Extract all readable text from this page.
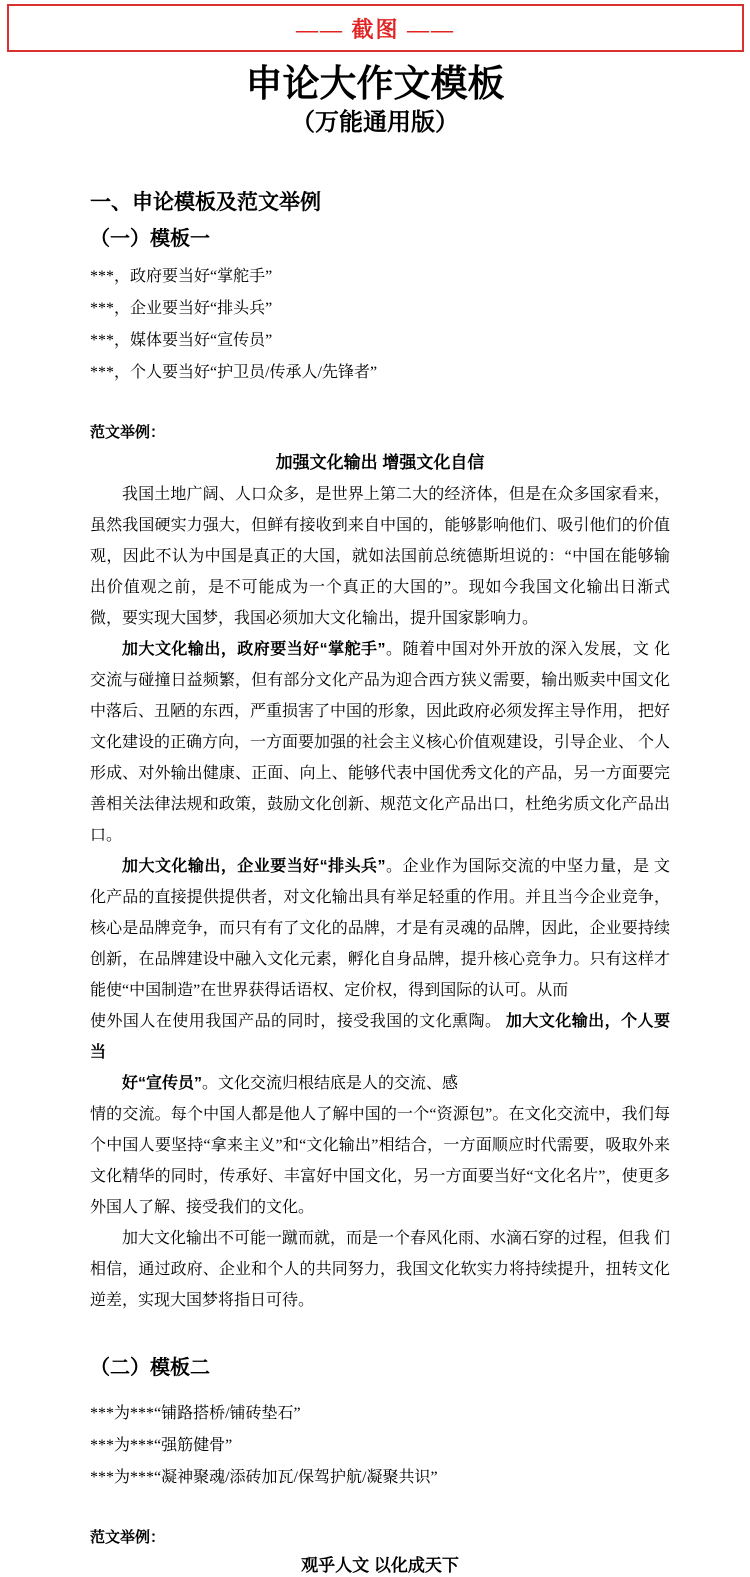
—— 截图 ——
申论大作文模板
（万能通用版）
一、申论模板及范文举例
（一）模板一
***，政府要当好“掌舵手”
***，企业要当好“排头兵”
***，媒体要当好“宣传员”
***，个人要当好“护卫员/传承人/先锋者”
范文举例：
加强文化输出 增强文化自信

我国土地广阔、人口众多，是世界上第二大的经济体，但是在众多国家看来， 虽然我国硬实力强大，但鲜有接收到来自中国的，能够影响他们、吸引他们的价值观，因此不认为中国是真正的大国，就如法国前总统德斯坦说的：“中国在能够输出价值观之前，是不可能成为一个真正的大国的”。现如今我国文化输出日渐式微，要实现大国梦，我国必须加大文化输出，提升国家影响力。

加大文化输出，政府要当好“掌舵手”。随着中国对外开放的深入发展，文 化交流与碰撞日益频繁，但有部分文化产品为迎合西方狭义需要，输出贩卖中国文化中落后、丑陋的东西，严重损害了中国的形象，因此政府必须发挥主导作用， 把好文化建设的正确方向，一方面要加强的社会主义核心价值观建设，引导企业、 个人形成、对外输出健康、正面、向上、能够代表中国优秀文化的产品，另一方面要完善相关法律法规和政策，鼓励文化创新、规范文化产品出口，杜绝劣质文化产品出口。

加大文化输出，企业要当好“排头兵”。企业作为国际交流的中坚力量，是 文化产品的直接提供提供者，对文化输出具有举足轻重的作用。并且当今企业竞争，核心是品牌竞争，而只有有了文化的品牌，才是有灵魂的品牌，因此，企业要持续创新，在品牌建设中融入文化元素，孵化自身品牌，提升核心竞争力。只有这样才能使“中国制造”在世界获得话语权、定价权，得到国际的认可。从而

使外国人在使用我国产品的同时，接受我国的文化熏陶。 加大文化输出，个人要当

好“宣传员”。文化交流归根结底是人的交流、感

情的交流。每个中国人都是他人了解中国的一个“资源包”。在文化交流中，我们每个中国人要坚持“拿来主义”和“文化输出”相结合，一方面顺应时代需要，吸取外来文化精华的同时，传承好、丰富好中国文化，另一方面要当好“文化名片”，使更多外国人了解、接受我们的文化。

加大文化输出不可能一蹴而就，而是一个春风化雨、水滴石穿的过程，但我 们相信，通过政府、企业和个人的共同努力，我国文化软实力将持续提升，扭转文化逆差，实现大国梦将指日可待。

（二）模板二
***为***“铺路搭桥/铺砖垫石”
***为***“强筋健骨”
***为***“凝神聚魂/添砖加瓦/保驾护航/凝聚共识”
范文举例：
观乎人文 以化成天下
